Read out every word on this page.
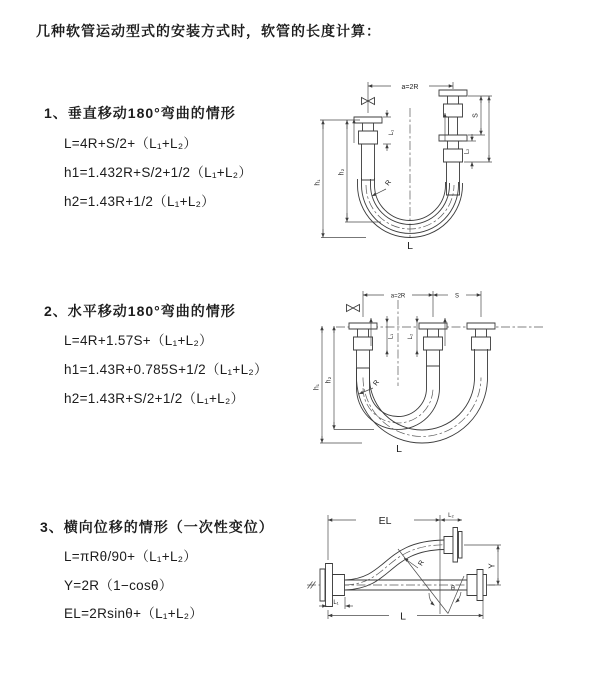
几种软管运动型式的安装方式时，软管的长度计算：
1、垂直移动180°弯曲的情形
L=4R+S/2+（L₁+L₂）
h1=1.432R+S/2+1/2（L₁+L₂）
h2=1.43R+1/2（L₁+L₂）
2、水平移动180°弯曲的情形
L=4R+1.57S+（L₁+L₂）
h1=1.43R+0.785S+1/2（L₁+L₂）
h2=1.43R+S/2+1/2（L₁+L₂）
3、横向位移的情形（一次性变位）
L=πRθ/90+（L₁+L₂）
Y=2R（1−cosθ）
EL=2Rsinθ+（L₁+L₂）
a=2R
R
L
h₁
h₂
L₁
S
L₂
a=2R	S
h₁
h₂
L₁ L₂
R
L
EL	L₂
Y
θ
R
L
L₁
